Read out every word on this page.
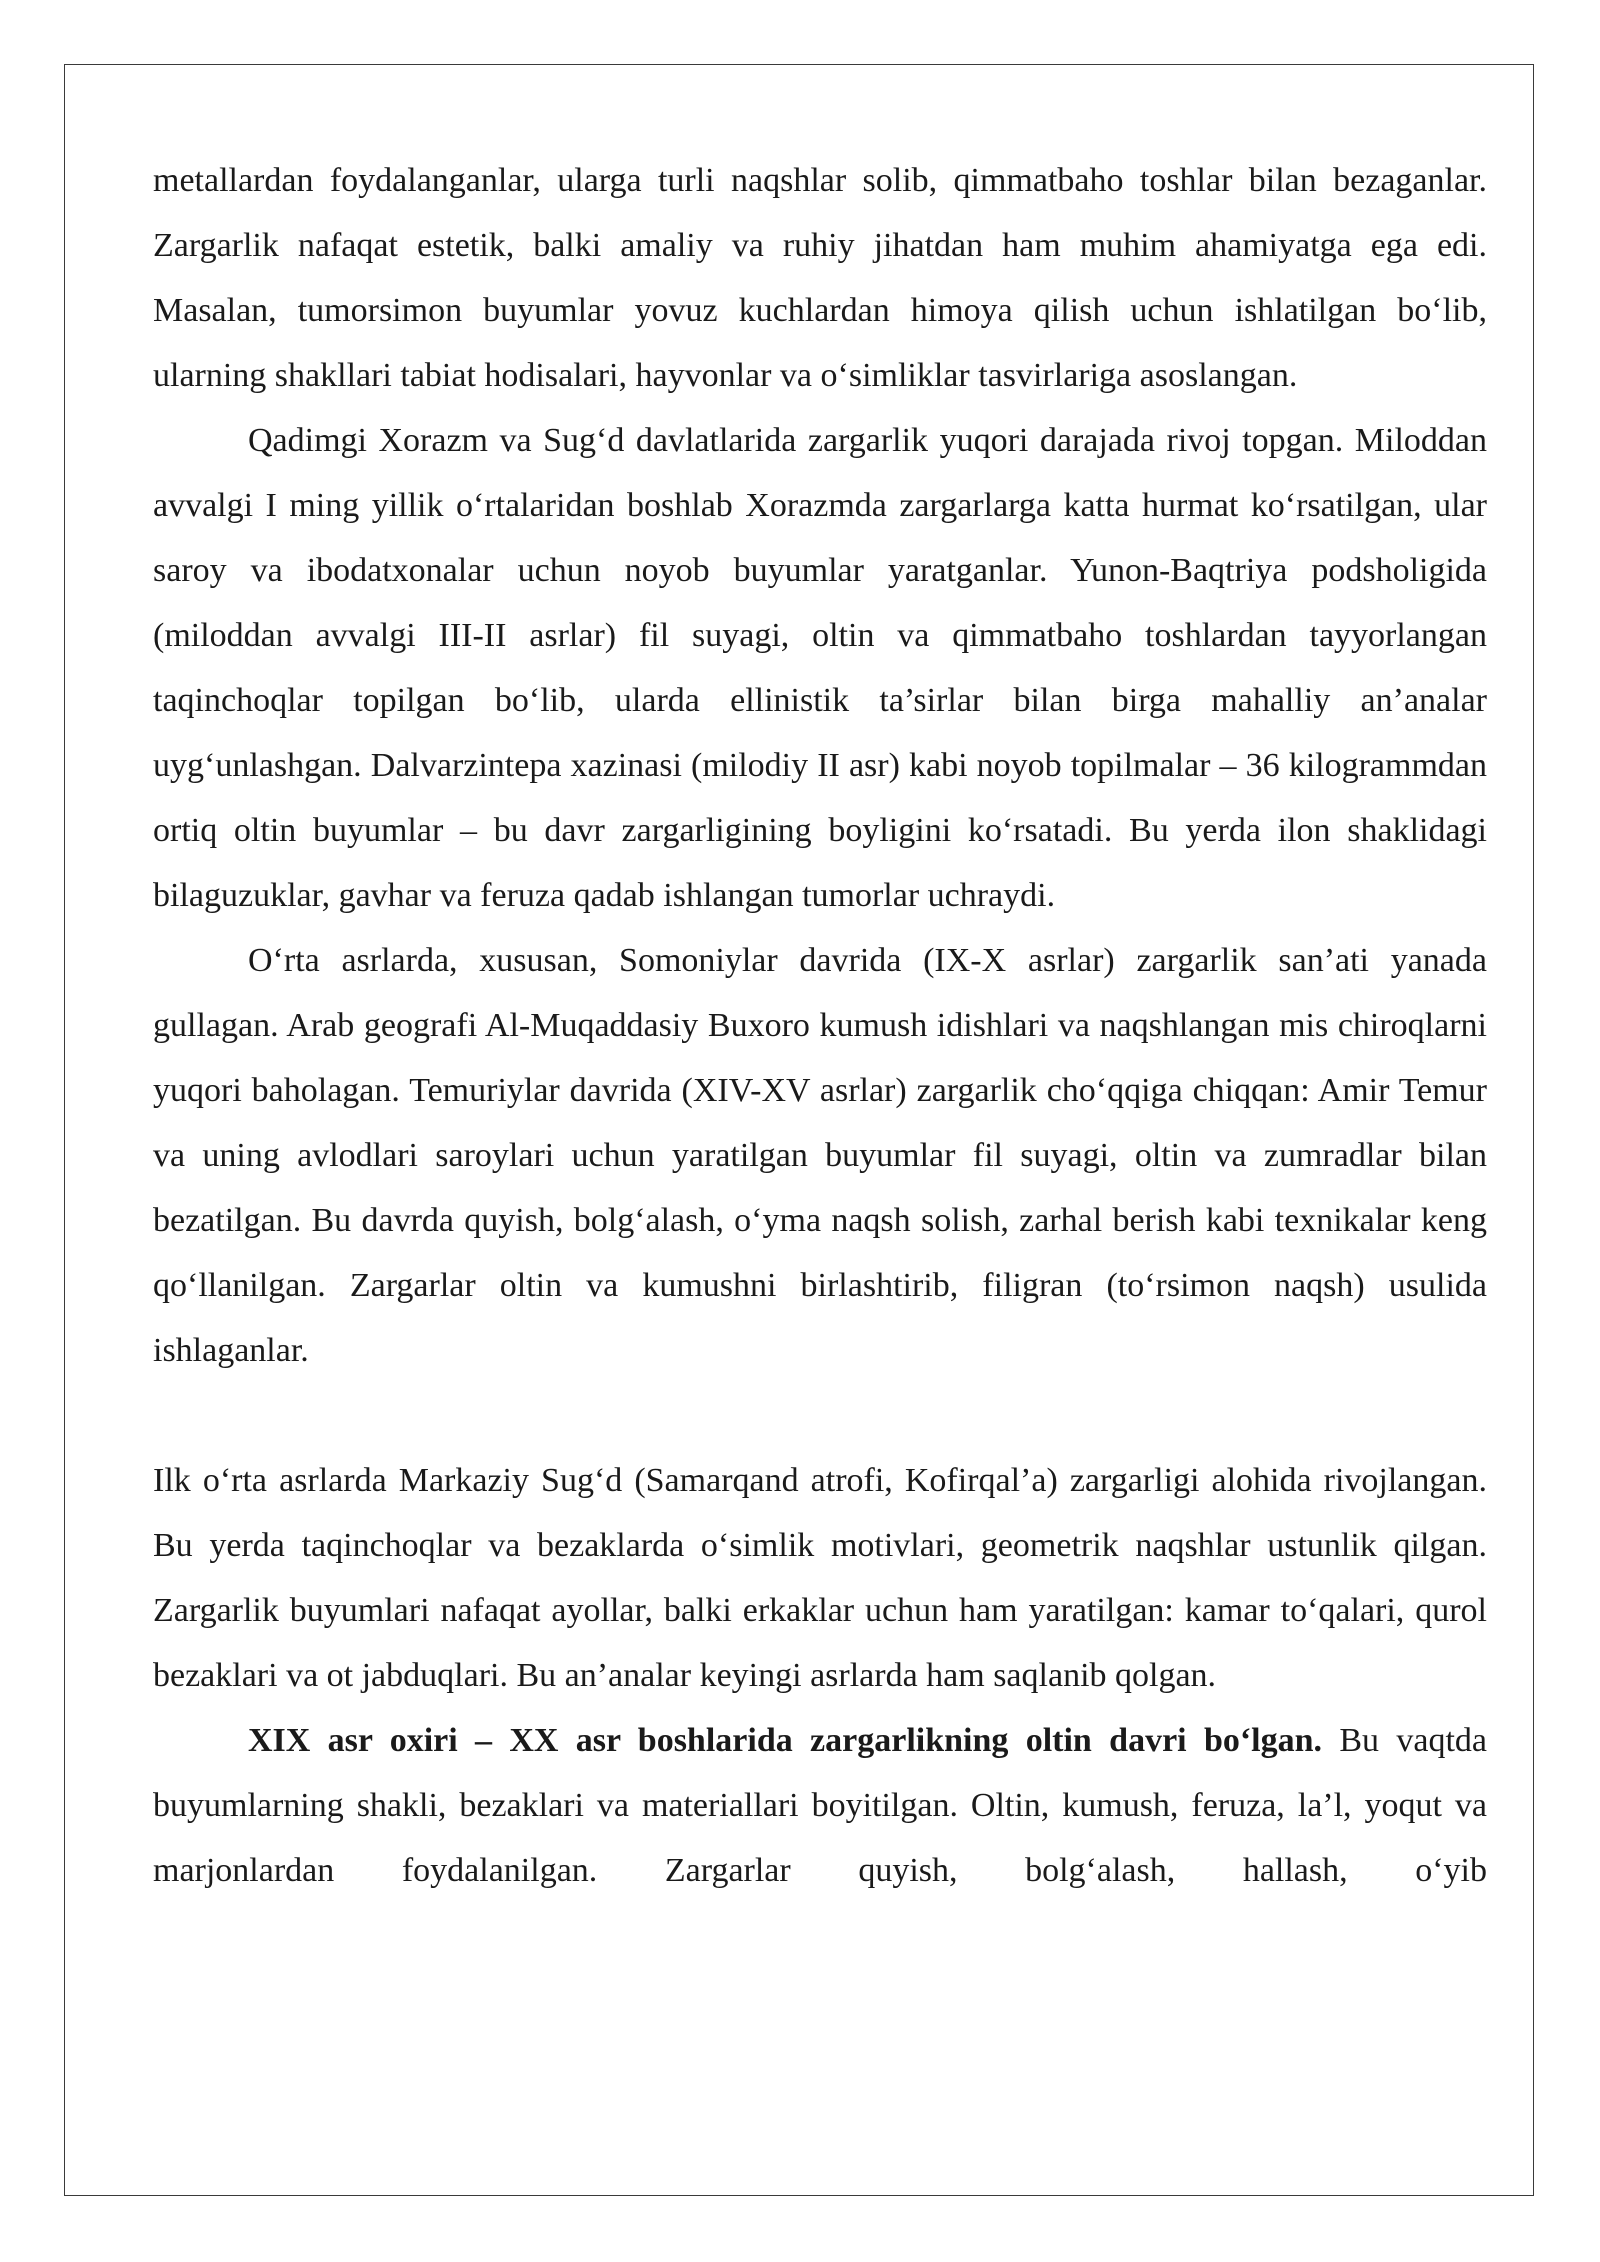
metallardan foydalanganlar, ularga turli naqshlar solib, qimmatbaho toshlar bilan bezaganlar. Zargarlik nafaqat estetik, balki amaliy va ruhiy jihatdan ham muhim ahamiyatga ega edi. Masalan, tumorsimon buyumlar yovuz kuchlardan himoya qilish uchun ishlatilgan bo‘lib, ularning shakllari tabiat hodisalari, hayvonlar va o‘simliklar tasvirlariga asoslangan.

Qadimgi Xorazm va Sug‘d davlatlarida zargarlik yuqori darajada rivoj topgan. Miloddan avvalgi I ming yillik o‘rtalaridan boshlab Xorazmda zargarlarga katta hurmat ko‘rsatilgan, ular saroy va ibodatxonalar uchun noyob buyumlar yaratganlar. Yunon-Baqtriya podsholigida (miloddan avvalgi III-II asrlar) fil suyagi, oltin va qimmatbaho toshlardan tayyorlangan taqinchoqlar topilgan bo‘lib, ularda ellinistik ta’sirlar bilan birga mahalliy an’analar uyg‘unlashgan. Dalvarzintepa xazinasi (milodiy II asr) kabi noyob topilmalar – 36 kilogrammdan ortiq oltin buyumlar – bu davr zargarligining boyligini ko‘rsatadi. Bu yerda ilon shaklidagi bilaguzuklar, gavhar va feruza qadab ishlangan tumorlar uchraydi.

O‘rta asrlarda, xususan, Somoniylar davrida (IX-X asrlar) zargarlik san’ati yanada gullagan. Arab geografi Al-Muqaddasiy Buxoro kumush idishlari va naqshlangan mis chiroqlarni yuqori baholagan. Temuriylar davrida (XIV-XV asrlar) zargarlik cho‘qqiga chiqqan: Amir Temur va uning avlodlari saroylari uchun yaratilgan buyumlar fil suyagi, oltin va zumradlar bilan bezatilgan. Bu davrda quyish, bolg‘alash, o‘yma naqsh solish, zarhal berish kabi texnikalar keng qo‘llanilgan. Zargarlar oltin va kumushni birlashtirib, filigran (to‘rsimon naqsh) usulida ishlaganlar.

Ilk o‘rta asrlarda Markaziy Sug‘d (Samarqand atrofi, Kofirqal’a) zargarligi alohida rivojlangan. Bu yerda taqinchoqlar va bezaklarda o‘simlik motivlari, geometrik naqshlar ustunlik qilgan. Zargarlik buyumlari nafaqat ayollar, balki erkaklar uchun ham yaratilgan: kamar to‘qalari, qurol bezaklari va ot jabduqlari. Bu an’analar keyingi asrlarda ham saqlanib qolgan.

XIX asr oxiri – XX asr boshlarida zargarlikning oltin davri bo‘lgan. Bu vaqtda buyumlarning shakli, bezaklari va materiallari boyitilgan. Oltin, kumush, feruza, la’l, yoqut va marjonlardan foydalanilgan. Zargarlar quyish, bolg‘alash, hallash, o‘yib
